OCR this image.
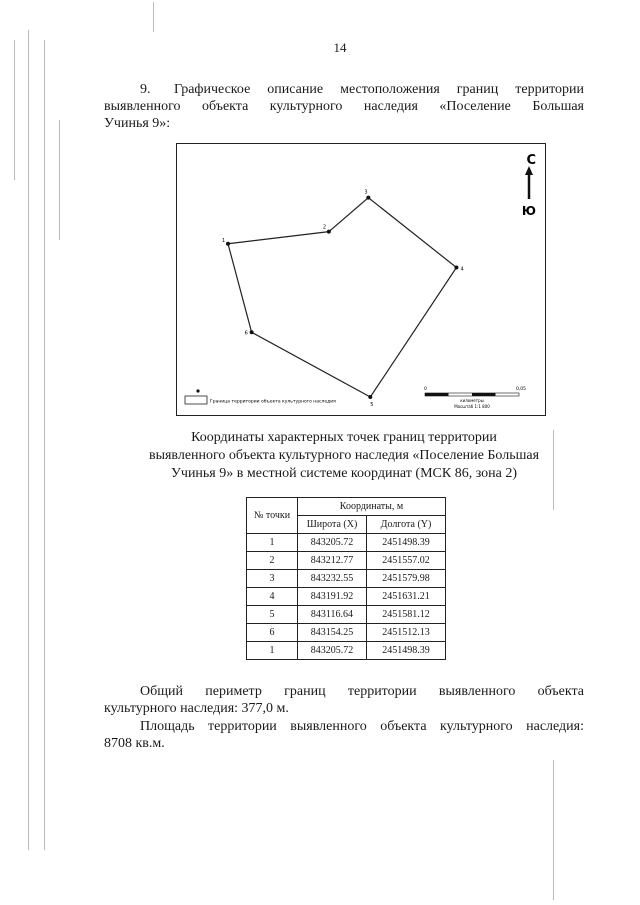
14
9. Графическое описание местоположения границ территории
выявленного объекта культурного наследия «Поселение Большая
Учинья 9»:
1
2
3
4
5
6
С
Ю
Граница территории объекта культурного наследия
0	0,05
километры
Масштаб 1:1 800
Координаты характерных точек границ территории
выявленного объекта культурного наследия «Поселение Большая
Учинья 9» в местной системе координат (МСК 86, зона 2)
№ точки	Координаты, м	
	Широта (X)	Долгота (Y)
1	843205.72	2451498.39
2	843212.77	2451557.02
3	843232.55	2451579.98
4	843191.92	2451631.21
5	843116.64	2451581.12
6	843154.25	2451512.13
1	843205.72	2451498.39
Общий периметр границ территории выявленного объекта
культурного наследия: 377,0 м.
Площадь территории выявленного объекта культурного наследия:
8708 кв.м.
